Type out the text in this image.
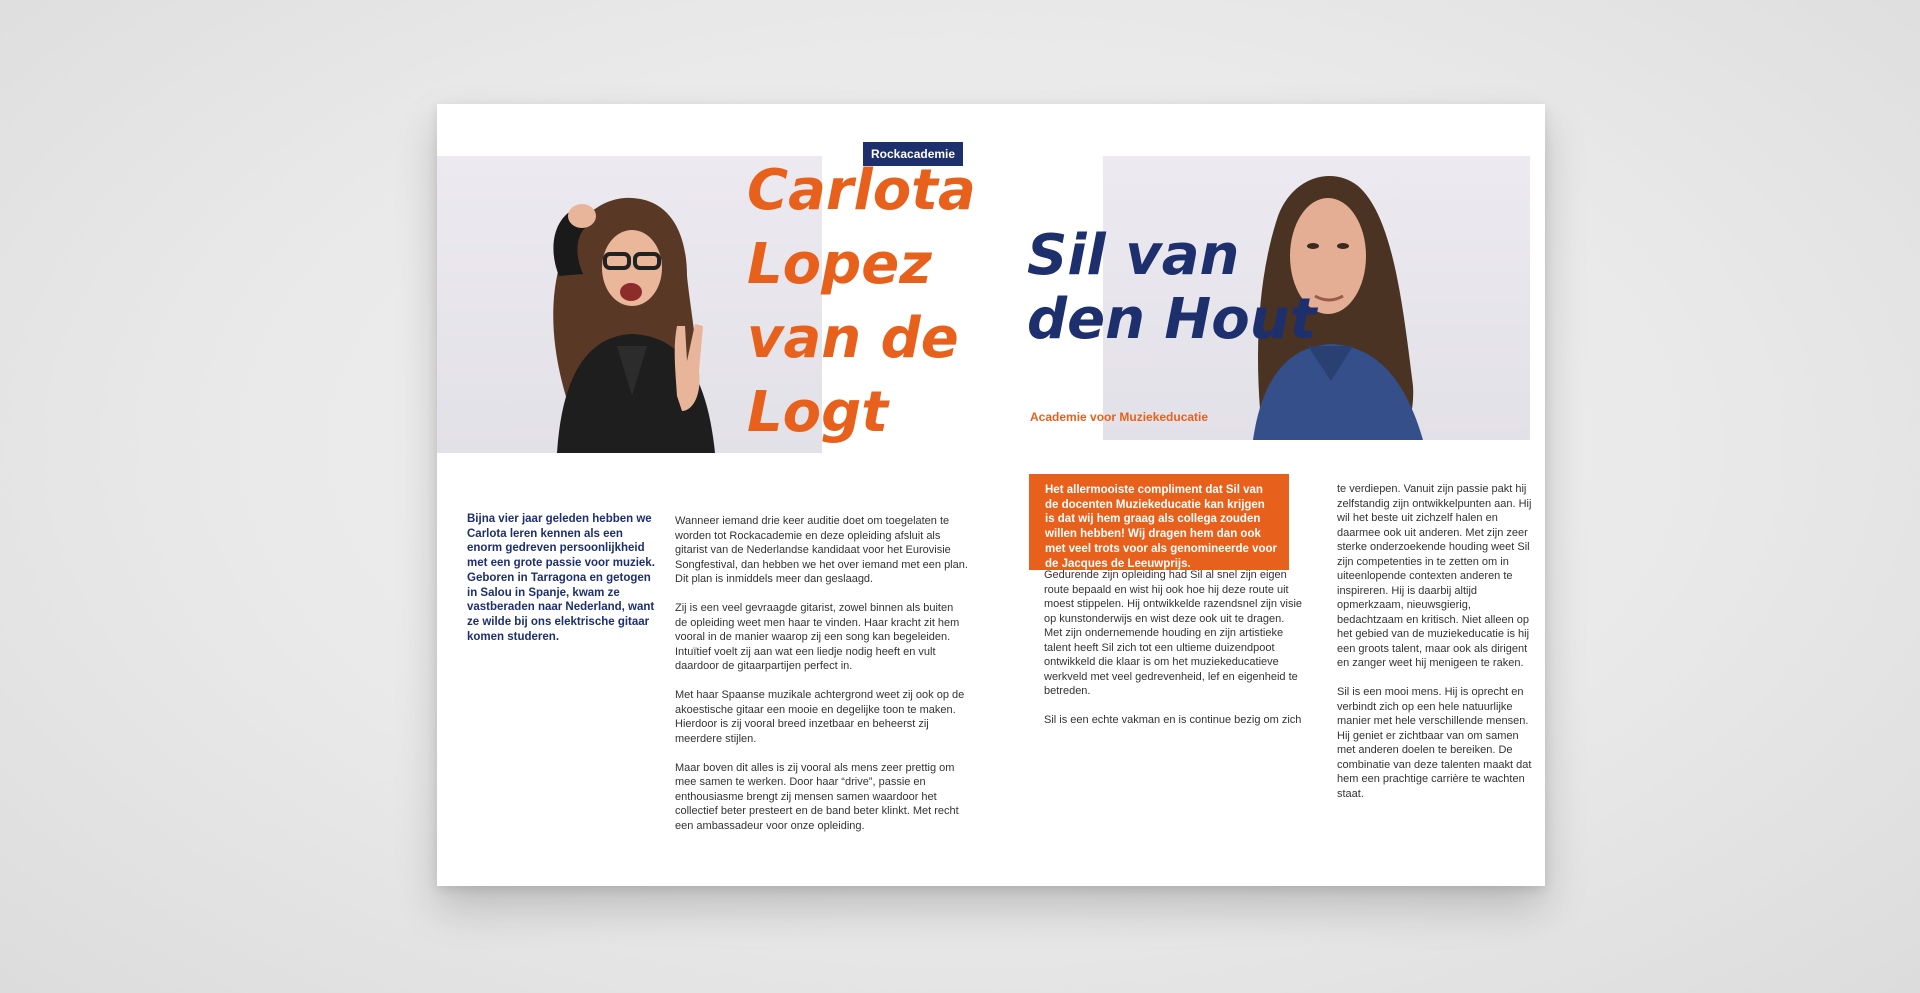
Rockacademie
Carlota
Lopez
van de
Logt

Bijna vier jaar geleden hebben we Carlota leren kennen als een enorm gedreven persoonlijkheid met een grote passie voor muziek. Geboren in Tarragona en getogen in Salou in Spanje, kwam ze vastberaden naar Nederland, want ze wilde bij ons elektrische gitaar komen studeren.

Wanneer iemand drie keer auditie doet om toegelaten te worden tot Rockacademie en deze opleiding afsluit als gitarist van de Nederlandse kandidaat voor het Eurovisie Songfestival, dan hebben we het over iemand met een plan. Dit plan is inmiddels meer dan geslaagd.

Zij is een veel gevraagde gitarist, zowel binnen als buiten de opleiding weet men haar te vinden. Haar kracht zit hem vooral in de manier waarop zij een song kan begeleiden. Intuïtief voelt zij aan wat een liedje nodig heeft en vult daardoor de gitaarpartijen perfect in.

Met haar Spaanse muzikale achtergrond weet zij ook op de akoestische gitaar een mooie en degelijke toon te maken. Hierdoor is zij vooral breed inzetbaar en beheerst zij meerdere stijlen.

Maar boven dit alles is zij vooral als mens zeer prettig om mee samen te werken. Door haar “drive”, passie en enthousiasme brengt zij mensen samen waardoor het collectief beter presteert en de band beter klinkt. Met recht een ambassadeur voor onze opleiding.

Sil van
den Hout
Academie voor Muziekeducatie
Het allermooiste compliment dat Sil van de docenten Muziekeducatie kan krijgen is dat wij hem graag als collega zouden willen hebben! Wij dragen hem dan ook met veel trots voor als genomineerde voor de Jacques de Leeuwprijs.

Gedurende zijn opleiding had Sil al snel zijn eigen route bepaald en wist hij ook hoe hij deze route uit moest stippelen. Hij ontwikkelde razendsnel zijn visie op kunstonderwijs en wist deze ook uit te dragen. Met zijn ondernemende houding en zijn artistieke talent heeft Sil zich tot een ultieme duizendpoot ontwikkeld die klaar is om het muziekeducatieve werkveld met veel gedrevenheid, lef en eigenheid te betreden.

Sil is een echte vakman en is continue bezig om zich

te verdiepen. Vanuit zijn passie pakt hij zelfstandig zijn ontwikkelpunten aan. Hij wil het beste uit zichzelf halen en daarmee ook uit anderen. Met zijn zeer sterke onderzoekende houding weet Sil zijn competenties in te zetten om in uiteenlopende contexten anderen te inspireren. Hij is daarbij altijd opmerkzaam, nieuwsgierig, bedachtzaam en kritisch. Niet alleen op het gebied van de muziekeducatie is hij een groots talent, maar ook als dirigent en zanger weet hij menigeen te raken.

Sil is een mooi mens. Hij is oprecht en verbindt zich op een hele natuurlijke manier met hele verschillende mensen. Hij geniet er zichtbaar van om samen met anderen doelen te bereiken. De combinatie van deze talenten maakt dat hem een prachtige carrière te wachten staat.
